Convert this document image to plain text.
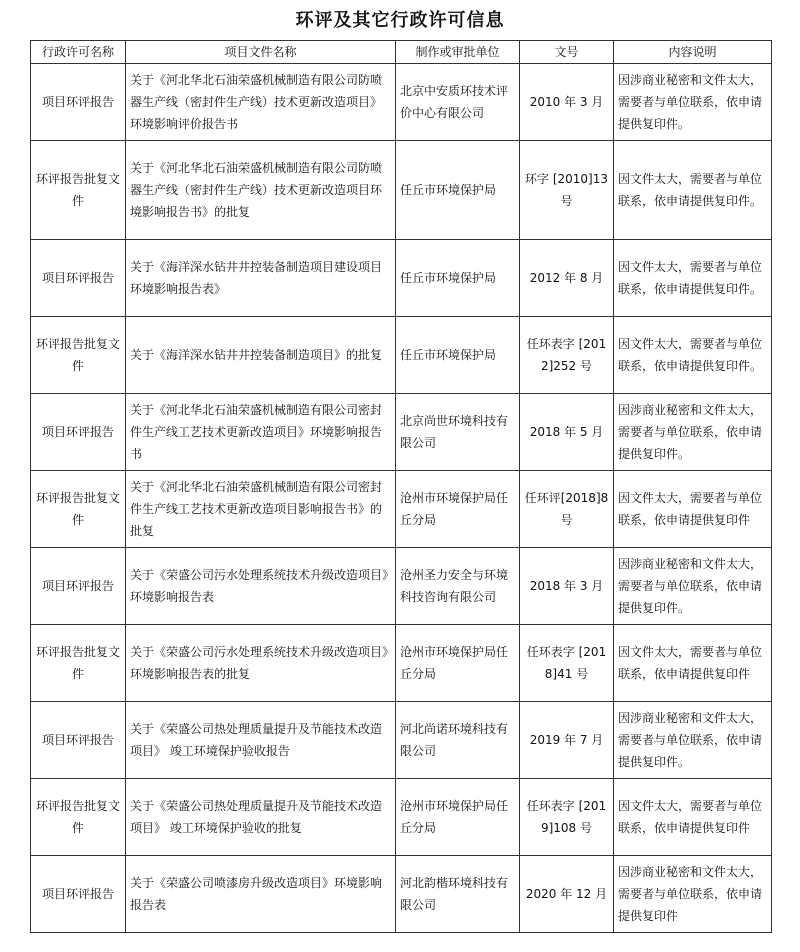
环评及其它行政许可信息
行政许可名称	项目文件名称	制作或审批单位	文号	内容说明
项目环评报告	关于《河北华北石油荣盛机械制造有限公司防喷器生产线（密封件生产线）技术更新改造项目》环境影响评价报告书	北京中安质环技术评价中心有限公司	2010 年 3 月	因涉商业秘密和文件太大，需要者与单位联系，依申请提供复印件。
环评报告批复文件	关于《河北华北石油荣盛机械制造有限公司防喷器生产线（密封件生产线）技术更新改造项目环境影响报告书》的批复	任丘市环境保护局	环字 [2010]13 号	因文件太大，需要者与单位联系，依申请提供复印件。
项目环评报告	关于《海洋深水钻井井控装备制造项目建设项目环境影响报告表》	任丘市环境保护局	2012 年 8 月	因文件太大，需要者与单位联系，依申请提供复印件。
环评报告批复文件	关于《海洋深水钻井井控装备制造项目》的批复	任丘市环境保护局	任环表字 [2012]252 号	因文件太大，需要者与单位联系，依申请提供复印件。
项目环评报告	关于《河北华北石油荣盛机械制造有限公司密封件生产线工艺技术更新改造项目》环境影响报告书	北京尚世环境科技有限公司	2018 年 5 月	因涉商业秘密和文件太大，需要者与单位联系，依申请提供复印件。
环评报告批复文件	关于《河北华北石油荣盛机械制造有限公司密封件生产线工艺技术更新改造项目影响报告书》的批复	沧州市环境保护局任丘分局	任环评[2018]8 号	因文件太大，需要者与单位联系，依申请提供复印件
项目环评报告	关于《荣盛公司污水处理系统技术升级改造项目》环境影响报告表	沧州圣力安全与环境科技咨询有限公司	2018 年 3 月	因涉商业秘密和文件太大，需要者与单位联系，依申请提供复印件。
环评报告批复文件	关于《荣盛公司污水处理系统技术升级改造项目》环境影响报告表的批复	沧州市环境保护局任丘分局	任环表字 [2018]41 号	因文件太大，需要者与单位联系，依申请提供复印件
项目环评报告	关于《荣盛公司热处理质量提升及节能技术改造项目》 竣工环境保护验收报告	河北尚诺环境科技有限公司	2019 年 7 月	因涉商业秘密和文件太大，需要者与单位联系，依申请提供复印件。
环评报告批复文件	关于《荣盛公司热处理质量提升及节能技术改造项目》 竣工环境保护验收的批复	沧州市环境保护局任丘分局	任环表字 [2019]108 号	因文件太大，需要者与单位联系，依申请提供复印件
项目环评报告	关于《荣盛公司喷漆房升级改造项目》环境影响报告表	河北韵楷环境科技有限公司	2020 年 12 月	因涉商业秘密和文件太大，需要者与单位联系，依申请提供复印件
